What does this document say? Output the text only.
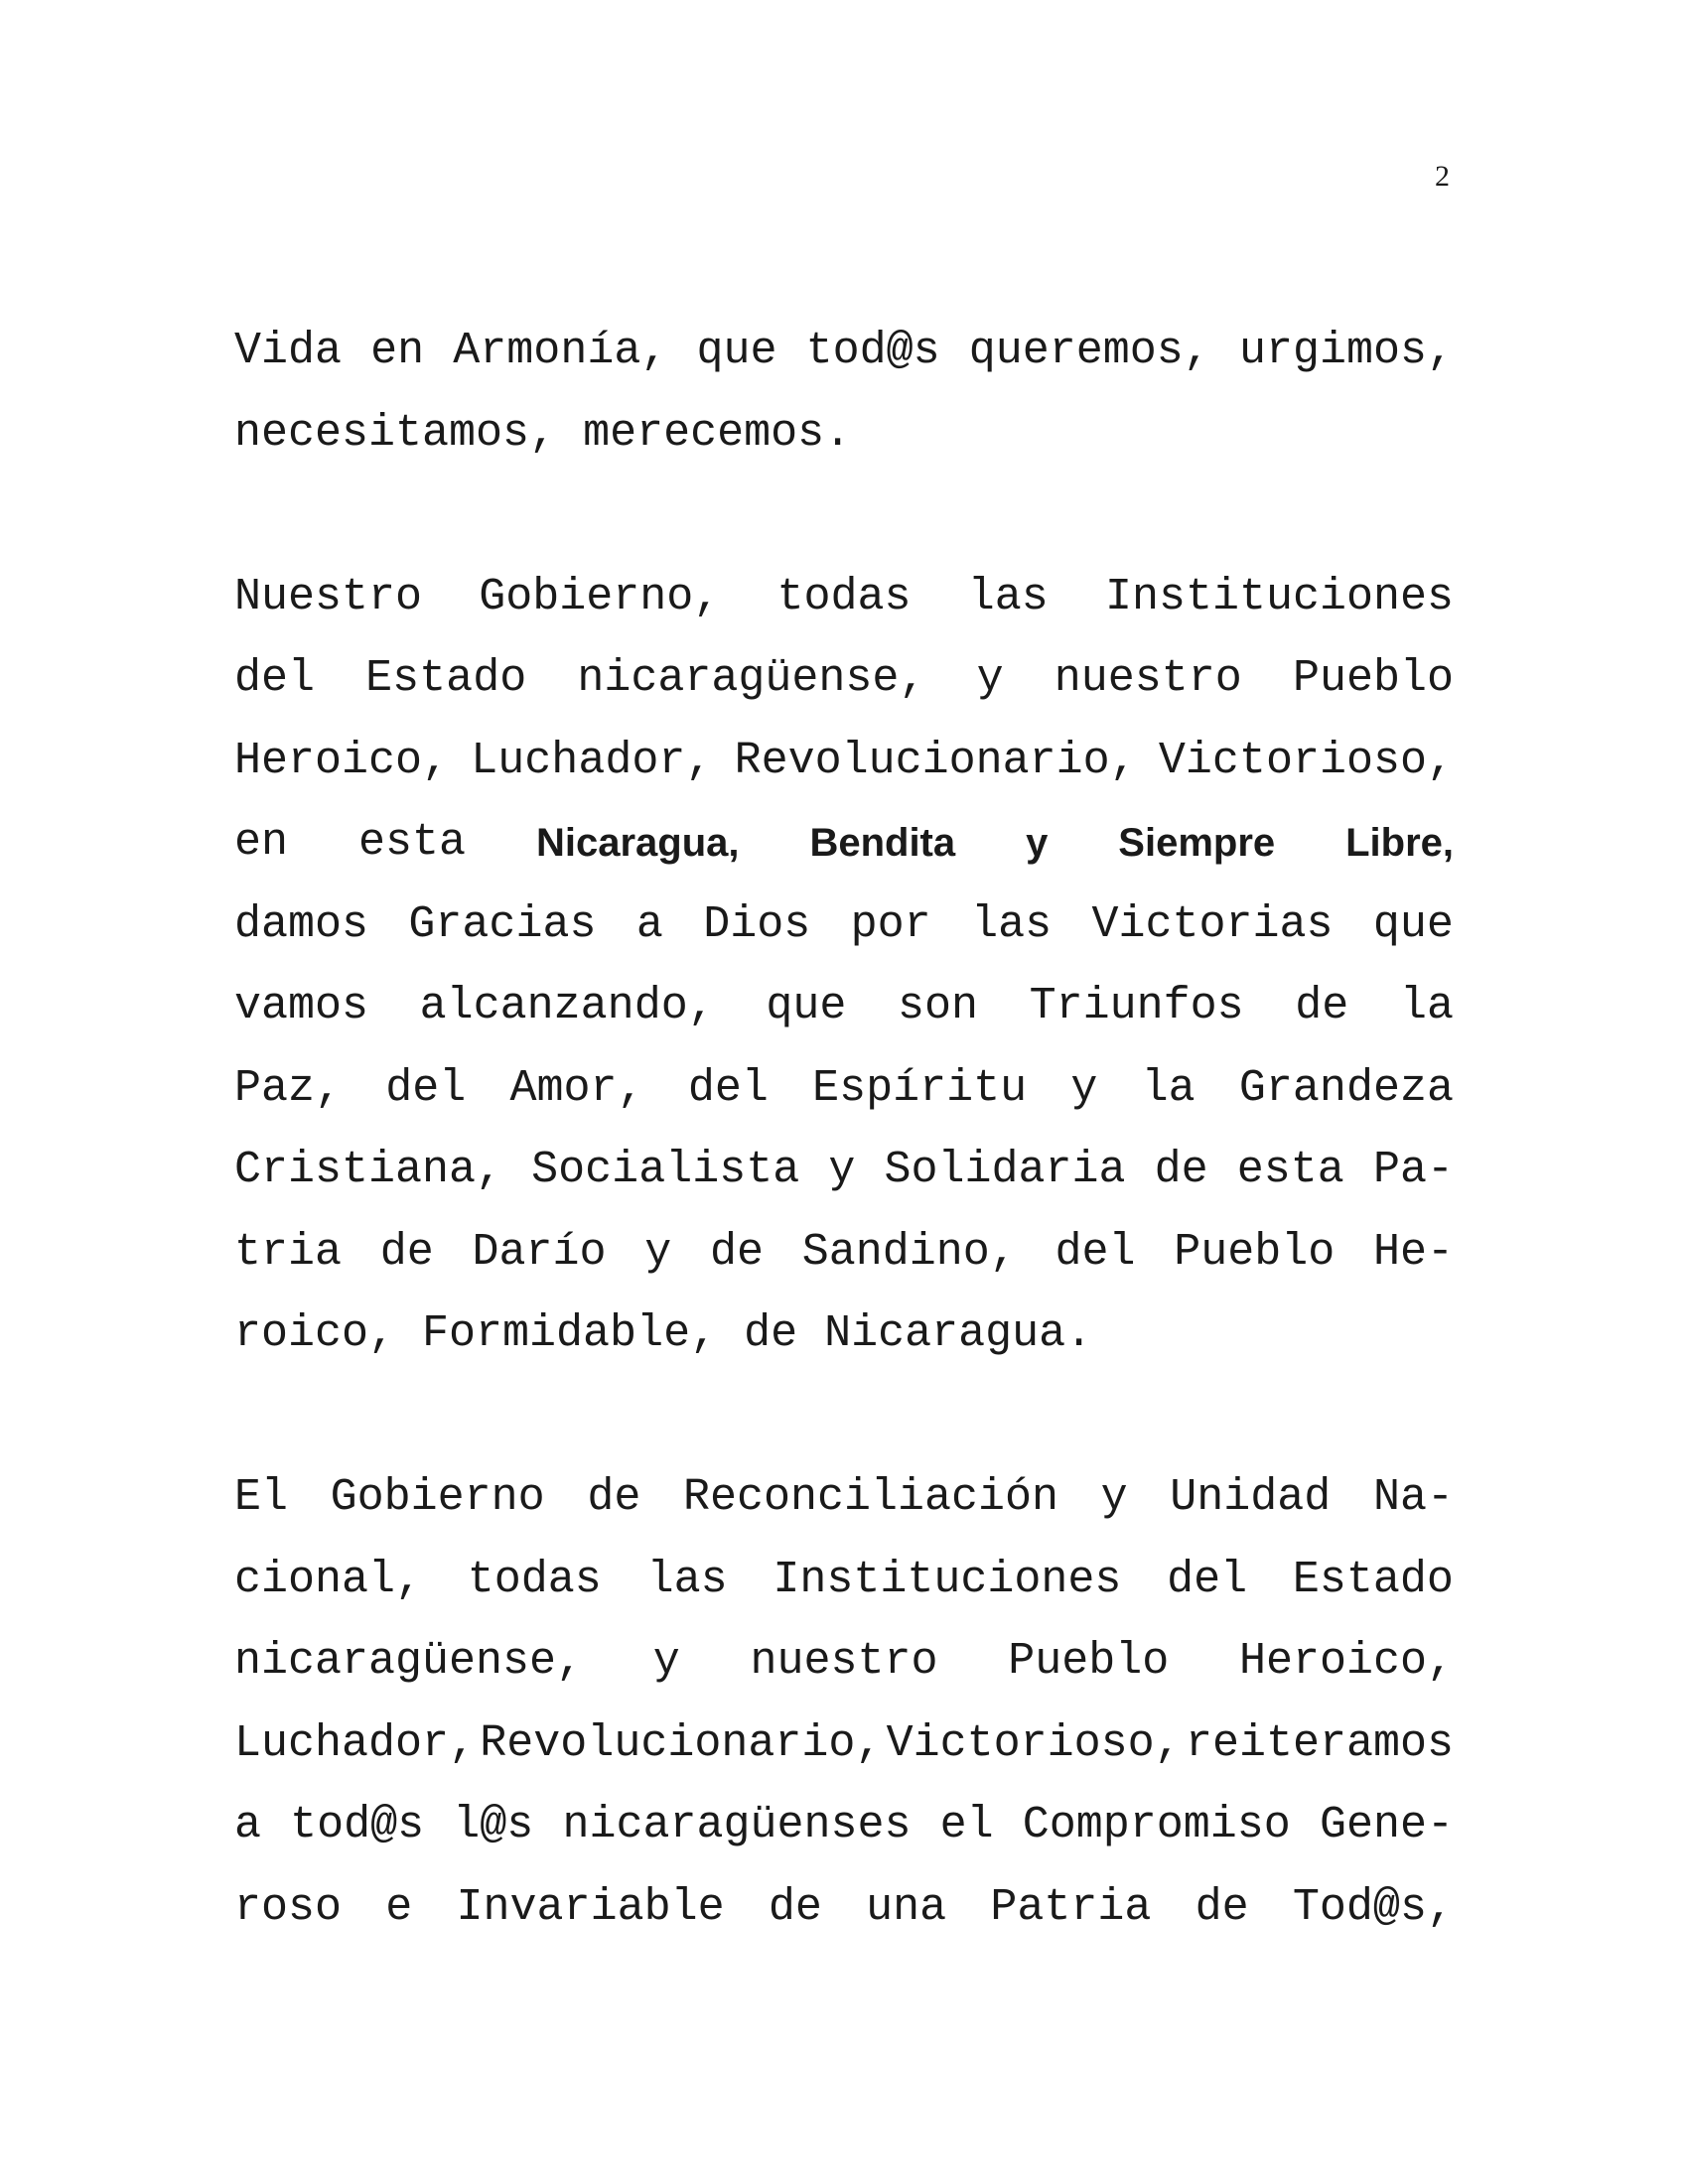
2
Vida en Armonía, que tod@s queremos, urgimos,
necesitamos, merecemos.
Nuestro Gobierno, todas las Instituciones
del Estado nicaragüense, y nuestro Pueblo
Heroico, Luchador, Revolucionario, Victorioso,
en esta Nicaragua, Bendita y Siempre Libre,
damos Gracias a Dios por las Victorias que
vamos alcanzando, que son Triunfos de la
Paz, del Amor, del Espíritu y la Grandeza
Cristiana, Socialista y Solidaria de esta Pa-
tria de Darío y de Sandino, del Pueblo He-
roico, Formidable, de Nicaragua.
El Gobierno de Reconciliación y Unidad Na-
cional, todas las Instituciones del Estado
nicaragüense, y nuestro Pueblo Heroico,
Luchador, Revolucionario, Victorioso, reiteramos
a tod@s l@s nicaragüenses el Compromiso Gene-
roso e Invariable de una Patria de Tod@s,
